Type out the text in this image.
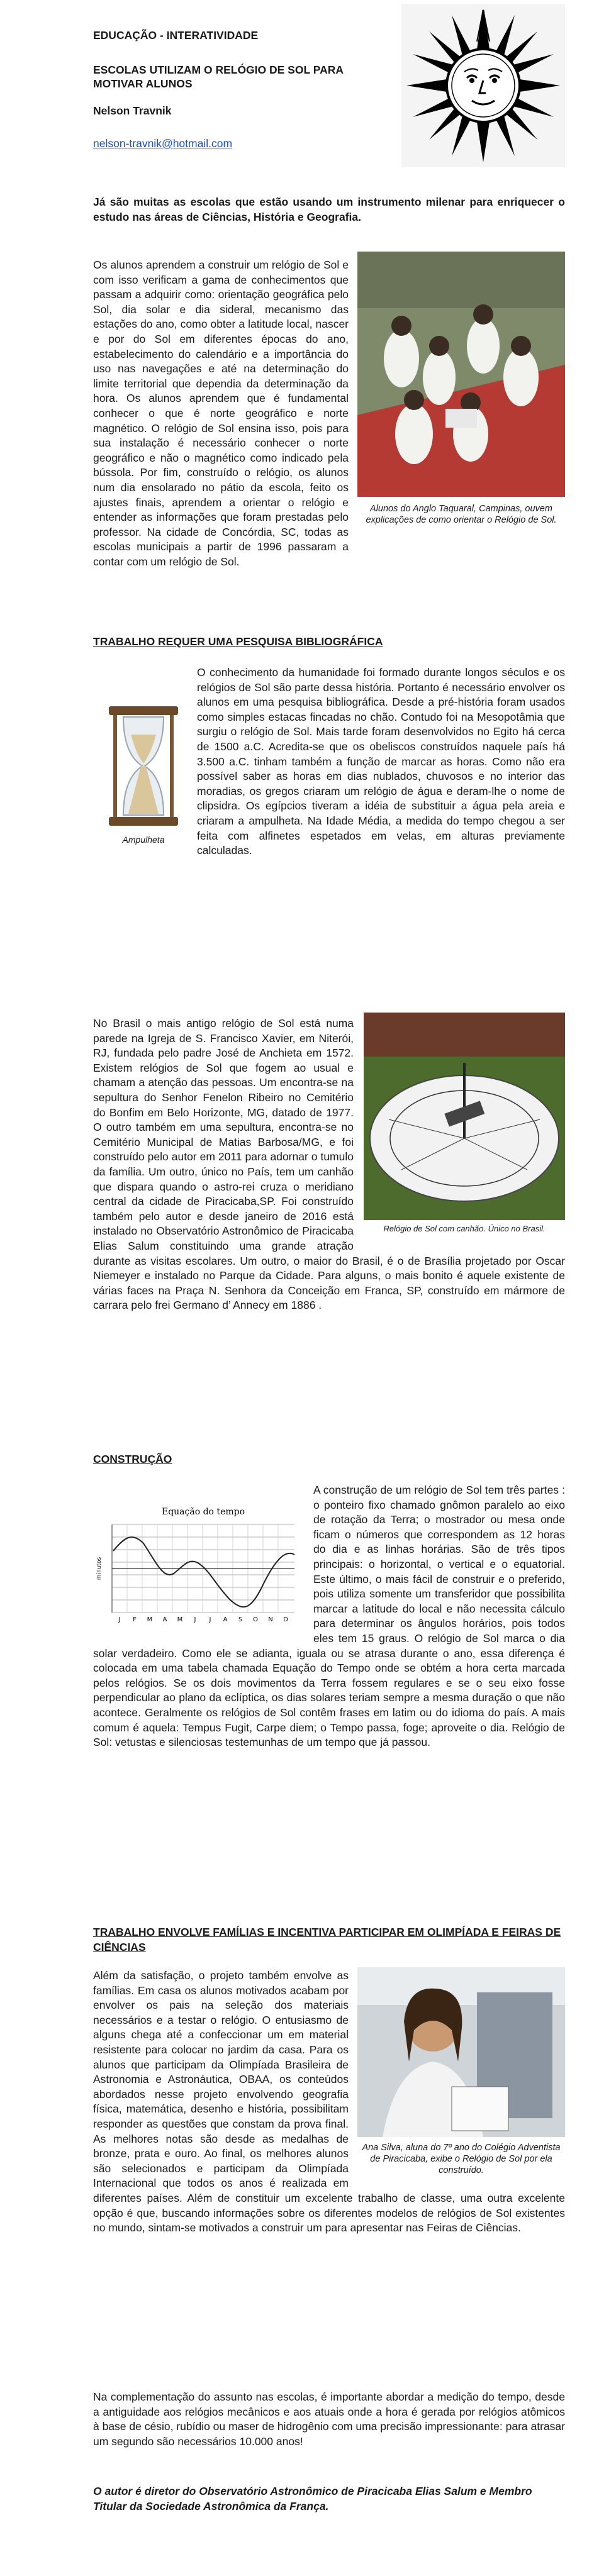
EDUCAÇÃO - INTERATIVIDADE
ESCOLAS UTILIZAM O RELÓGIO DE SOL PARA MOTIVAR ALUNOS
Nelson Travnik
nelson-travnik@hotmail.com

Já são muitas as escolas que estão usando um instrumento milenar para enriquecer o estudo nas áreas de Ciências, História e Geografia.

Alunos do Anglo Taquaral, Campinas, ouvem explicações de como orientar o Relógio de Sol.
Os alunos aprendem a construir um relógio de Sol e com isso verificam a gama de conhecimentos que passam a adquirir como: orientação geográfica pelo Sol, dia solar e dia sideral, mecanismo das estações do ano, como obter a latitude local, nascer e por do Sol em diferentes épocas do ano, estabelecimento do calendário e a importância do uso nas navegações e até na determinação do limite territorial que dependia da determinação da hora. Os alunos aprendem que é fundamental conhecer o que é norte geográfico e norte magnético. O relógio de Sol ensina isso, pois para sua instalação é necessário conhecer o norte geográfico e não o magnético como indicado pela bússola. Por fim, construído o relógio, os alunos num dia ensolarado no pátio da escola, feito os ajustes finais, aprendem a orientar o relógio e entender as informações que foram prestadas pelo professor. Na cidade de Concórdia, SC, todas as escolas municipais a partir de 1996 passaram a contar com um relógio de Sol.
TRABALHO REQUER UMA PESQUISA BIBLIOGRÁFICA
O conhecimento da humanidade foi formado durante longos séculos e os relógios de Sol são parte dessa história. Portanto é necessário envolver os alunos em uma pesquisa bibliográfica. Desde a pré-história foram usados como simples estacas fincadas no chão. Contudo foi na Mesopotâmia que surgiu o relógio de Sol. Mais tarde foram desenvolvidos no Egito há cerca de 1500 a.C. Acredita-se que os obeliscos construídos naquele país há 3.500 a.C. tinham também a função de marcar as horas. Como não era possível saber as horas em dias nublados, chuvosos e no interior das moradias, os gregos criaram um relógio de água e deram-lhe o nome de clipsidra. Os egípcios tiveram a idéia de substituir a água pela areia e criaram a ampulheta. Na Idade Média, a medida do tempo chegou a ser feita com alfinetes espetados em velas, em alturas previamente calculadas.
Ampulheta
Relógio de Sol com canhão. Único no Brasil.
No Brasil o mais antigo relógio de Sol está numa parede na Igreja de S. Francisco Xavier, em Niterói, RJ, fundada pelo padre José de Anchieta em 1572. Existem relógios de Sol que fogem ao usual e chamam a atenção das pessoas. Um encontra-se na sepultura do Senhor Fenelon Ribeiro no Cemitério do Bonfim em Belo Horizonte, MG, datado de 1977. O outro também em uma sepultura, encontra-se no Cemitério Municipal de Matias Barbosa/MG, e foi construído pelo autor em 2011 para adornar o tumulo da família. Um outro, único no País, tem um canhão que dispara quando o astro-rei cruza o meridiano central da cidade de Piracicaba,SP. Foi construído também pelo autor e desde janeiro de 2016 está instalado no Observatório Astronômico de Piracicaba Elias Salum constituindo uma grande atração durante as visitas escolares. Um outro, o maior do Brasil, é o de Brasília projetado por Oscar Niemeyer e instalado no Parque da Cidade. Para alguns, o mais bonito é aquele existente de várias faces na Praça N. Senhora da Conceição em Franca, SP, construído em mármore de carrara pelo frei Germano d’ Annecy em 1886 .
CONSTRUÇÃO
Equação do tempo
minutos
J F M A M J J A S O N D
A construção de um relógio de Sol tem três partes : o ponteiro fixo chamado gnômon paralelo ao eixo de rotação da Terra; o mostrador ou mesa onde ficam o números que correspondem as 12 horas do dia e as linhas horárias. São de três tipos principais: o horizontal, o vertical e o equatorial. Este último, o mais fácil de construir e o preferido, pois utiliza somente um transferidor que possibilita marcar a latitude do local e não necessita cálculo para determinar os ângulos horários, pois todos eles tem 15 graus. O relógio de Sol marca o dia solar verdadeiro. Como ele se adianta, iguala ou se atrasa durante o ano, essa diferença é colocada em uma tabela chamada Equação do Tempo onde se obtém a hora certa marcada pelos relógios. Se os dois movimentos da Terra fossem regulares e se o seu eixo fosse perpendicular ao plano da eclíptica, os dias solares teriam sempre a mesma duração o que não acontece. Geralmente os relógios de Sol contêm frases em latim ou do idioma do país. A mais comum é aquela: Tempus Fugit, Carpe diem; o Tempo passa, foge; aproveite o dia. Relógio de Sol: vetustas e silenciosas testemunhas de um tempo que já passou.
TRABALHO ENVOLVE FAMÍLIAS E INCENTIVA PARTICIPAR EM OLIMPÍADA E FEIRAS DE CIÊNCIAS
Ana Silva, aluna do 7º ano do Colégio Adventista de Piracicaba, exibe o Relógio de Sol por ela construído.
Além da satisfação, o projeto também envolve as famílias. Em casa os alunos motivados acabam por envolver os pais na seleção dos materiais necessários e a testar o relógio. O entusiasmo de alguns chega até a confeccionar um em material resistente para colocar no jardim da casa. Para os alunos que participam da Olimpíada Brasileira de Astronomia e Astronáutica, OBAA, os conteúdos abordados nesse projeto envolvendo geografia física, matemática, desenho e história, possibilitam responder as questões que constam da prova final. As melhores notas são desde as medalhas de bronze, prata e ouro. Ao final, os melhores alunos são selecionados e participam da Olimpíada Internacional que todos os anos é realizada em diferentes países. Além de constituir um excelente trabalho de classe, uma outra excelente opção é que, buscando informações sobre os diferentes modelos de relógios de Sol existentes no mundo, sintam-se motivados a construir um para apresentar nas Feiras de Ciências.

Na complementação do assunto nas escolas, é importante abordar a medição do tempo, desde a antiguidade aos relógios mecânicos e aos atuais onde a hora é gerada por relógios atômicos à base de césio, rubídio ou maser de hidrogênio com uma precisão impressionante: para atrasar um segundo são necessários 10.000 anos!

O autor é diretor do Observatório Astronômico de Piracicaba Elias Salum e Membro Titular da Sociedade Astronômica da França.
